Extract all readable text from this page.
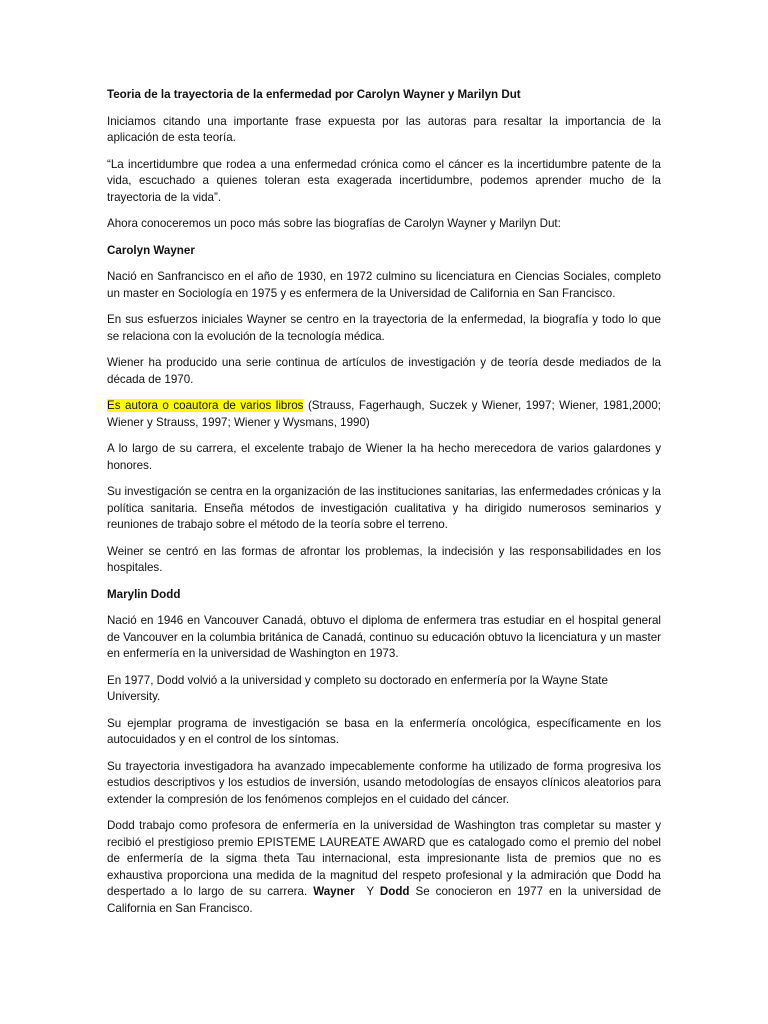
Teoria de la trayectoria de la enfermedad por Carolyn Wayner y Marilyn Dut

Iniciamos citando una importante frase expuesta por las autoras para resaltar la importancia de la aplicación de esta teoría.

“La incertidumbre que rodea a una enfermedad crónica como el cáncer es la incertidumbre patente de la vida, escuchado a quienes toleran esta exagerada incertidumbre, podemos aprender mucho de la trayectoria de la vida”.

Ahora conoceremos un poco más sobre las biografías de Carolyn Wayner y Marilyn Dut:

Carolyn Wayner

Nació en Sanfrancisco en el año de 1930, en 1972 culmino su licenciatura en Ciencias Sociales, completo un master en Sociología en 1975 y es enfermera de la Universidad de California en San Francisco.

En sus esfuerzos iniciales Wayner se centro en la trayectoria de la enfermedad, la biografía y todo lo que se relaciona con la evolución de la tecnología médica.

Wiener ha producido una serie continua de artículos de investigación y de teoría desde mediados de la década de 1970.

Es autora o coautora de varios libros (Strauss, Fagerhaugh, Suczek y Wiener, 1997; Wiener, 1981,2000; Wiener y Strauss, 1997; Wiener y Wysmans, 1990)

A lo largo de su carrera, el excelente trabajo de Wiener la ha hecho merecedora de varios galardones y honores.

Su investigación se centra en la organización de las instituciones sanitarias, las enfermedades crónicas y la política sanitaria. Enseña métodos de investigación cualitativa y ha dirigido numerosos seminarios y reuniones de trabajo sobre el método de la teoría sobre el terreno.

Weiner se centró en las formas de afrontar los problemas, la indecisión y las responsabilidades en los hospitales.

Marylin Dodd

Nació en 1946 en Vancouver Canadá, obtuvo el diploma de enfermera tras estudiar en el hospital general de Vancouver en la columbia británica de Canadá, continuo su educación obtuvo la licenciatura y un master en enfermería en la universidad de Washington en 1973.

En 1977, Dodd volvió a la universidad y completo su doctorado en enfermería por la Wayne State University.

Su ejemplar programa de investigación se basa en la enfermería oncológica, específicamente en los autocuidados y en el control de los síntomas.

Su trayectoria investigadora ha avanzado impecablemente conforme ha utilizado de forma progresiva los estudios descriptivos y los estudios de inversión, usando metodologías de ensayos clínicos aleatorios para extender la compresión de los fenómenos complejos en el cuidado del cáncer.

Dodd trabajo como profesora de enfermería en la universidad de Washington tras completar su master y recibió el prestigioso premio EPISTEME LAUREATE AWARD que es catalogado como el premio del nobel de enfermería de la sigma theta Tau internacional, esta impresionante lista de premios que no es exhaustiva proporciona una medida de la magnitud del respeto profesional y la admiración que Dodd ha despertado a lo largo de su carrera. Wayner  Y Dodd Se conocieron en 1977 en la universidad de California en San Francisco.
